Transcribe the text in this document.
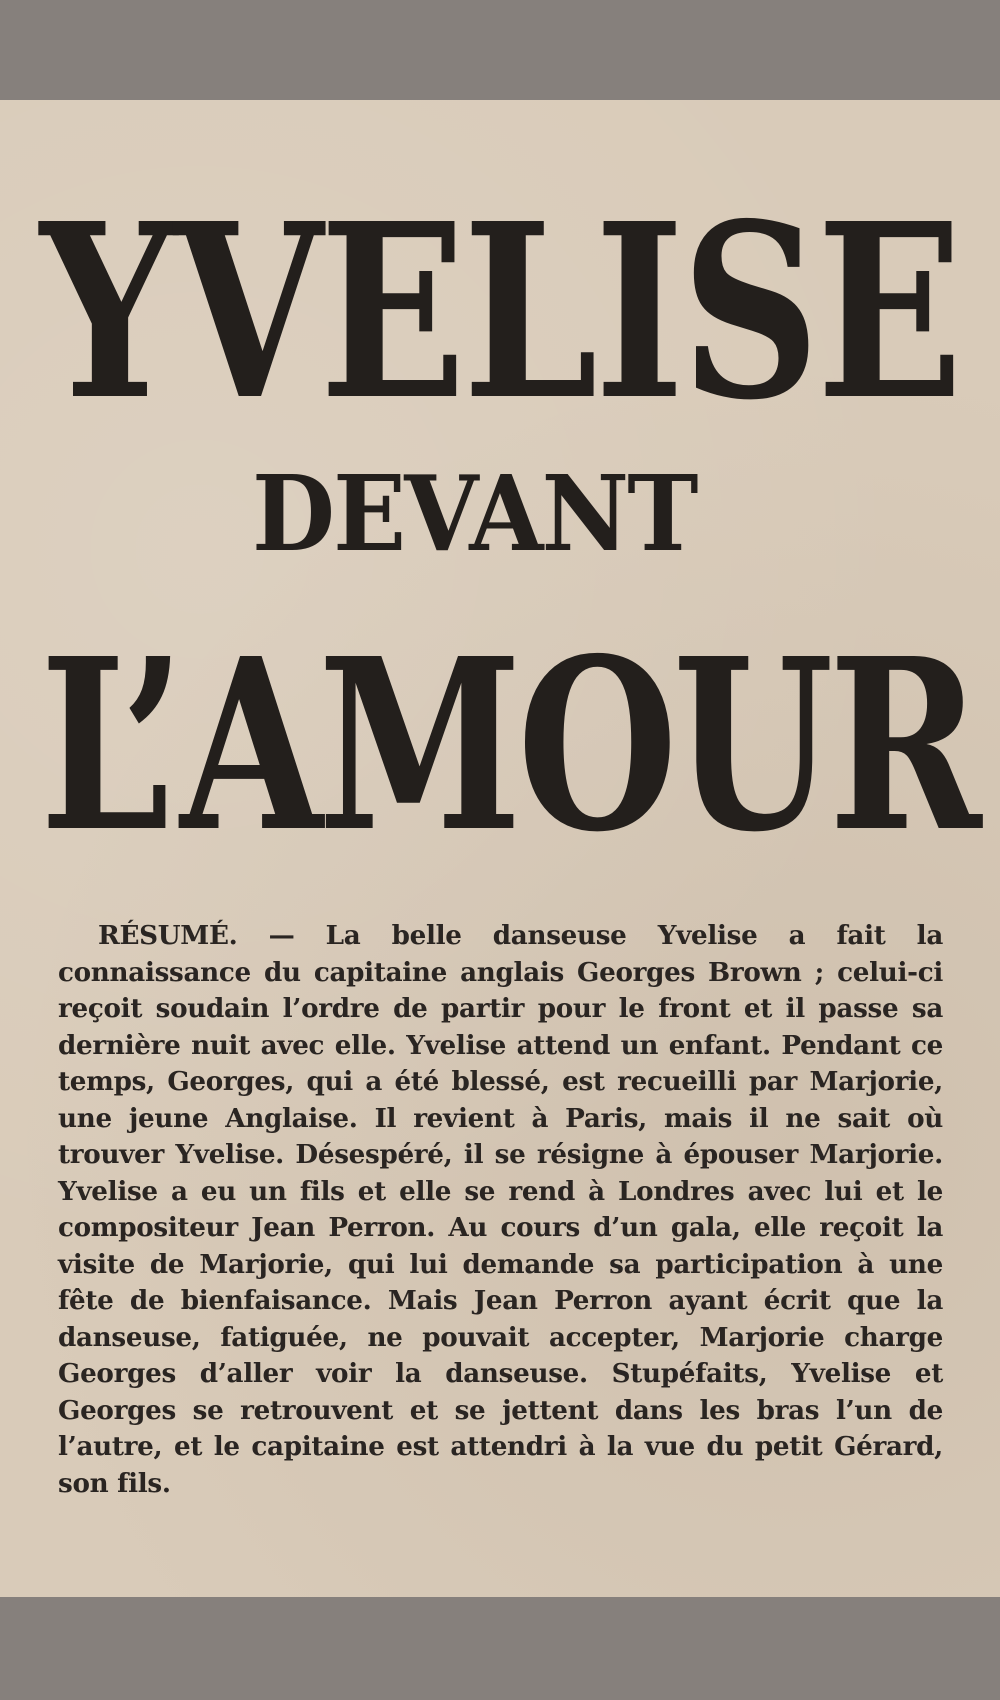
YVELISE
DEVANT
L’AMOUR

RÉSUMÉ. — La belle danseuse Yvelise a fait la connaissance du capitaine anglais Georges Brown ; celui-ci reçoit soudain l’ordre de partir pour le front et il passe sa dernière nuit avec elle. Yvelise attend un enfant. Pendant ce temps, Georges, qui a été blessé, est recueilli par Marjorie, une jeune Anglaise. Il revient à Paris, mais il ne sait où trouver Yvelise. Désespéré, il se résigne à épouser Marjorie. Yvelise a eu un fils et elle se rend à Londres avec lui et le compositeur Jean Perron. Au cours d’un gala, elle reçoit la visite de Marjorie, qui lui demande sa participation à une fête de bienfaisance. Mais Jean Perron ayant écrit que la danseuse, fatiguée, ne pouvait accepter, Marjorie charge Georges d’aller voir la danseuse. Stupéfaits, Yvelise et Georges se retrouvent et se jettent dans les bras l’un de l’autre, et le capitaine est attendri à la vue du petit Gérard, son fils.
